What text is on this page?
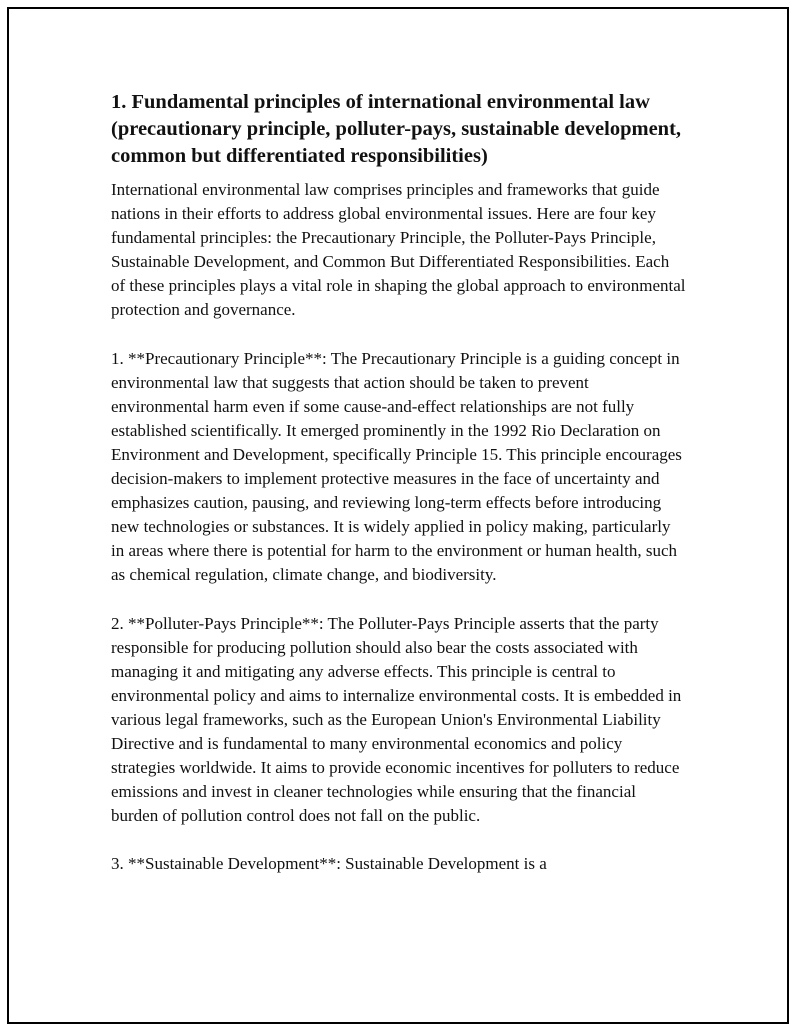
1. Fundamental principles of international environmental law (precautionary principle, polluter-pays, sustainable development, common but differentiated responsibilities)

International environmental law comprises principles and frameworks that guide nations in their efforts to address global environmental issues. Here are four key fundamental principles: the Precautionary Principle, the Polluter-Pays Principle, Sustainable Development, and Common But Differentiated Responsibilities. Each of these principles plays a vital role in shaping the global approach to environmental protection and governance.

1. **Precautionary Principle**: The Precautionary Principle is a guiding concept in environmental law that suggests that action should be taken to prevent environmental harm even if some cause-and-effect relationships are not fully established scientifically. It emerged prominently in the 1992 Rio Declaration on Environment and Development, specifically Principle 15. This principle encourages decision-makers to implement protective measures in the face of uncertainty and emphasizes caution, pausing, and reviewing long-term effects before introducing new technologies or substances. It is widely applied in policy making, particularly in areas where there is potential for harm to the environment or human health, such as chemical regulation, climate change, and biodiversity.

2. **Polluter-Pays Principle**: The Polluter-Pays Principle asserts that the party responsible for producing pollution should also bear the costs associated with managing it and mitigating any adverse effects. This principle is central to environmental policy and aims to internalize environmental costs. It is embedded in various legal frameworks, such as the European Union's Environmental Liability Directive and is fundamental to many environmental economics and policy strategies worldwide. It aims to provide economic incentives for polluters to reduce emissions and invest in cleaner technologies while ensuring that the financial burden of pollution control does not fall on the public.

3. **Sustainable Development**: Sustainable Development is a
